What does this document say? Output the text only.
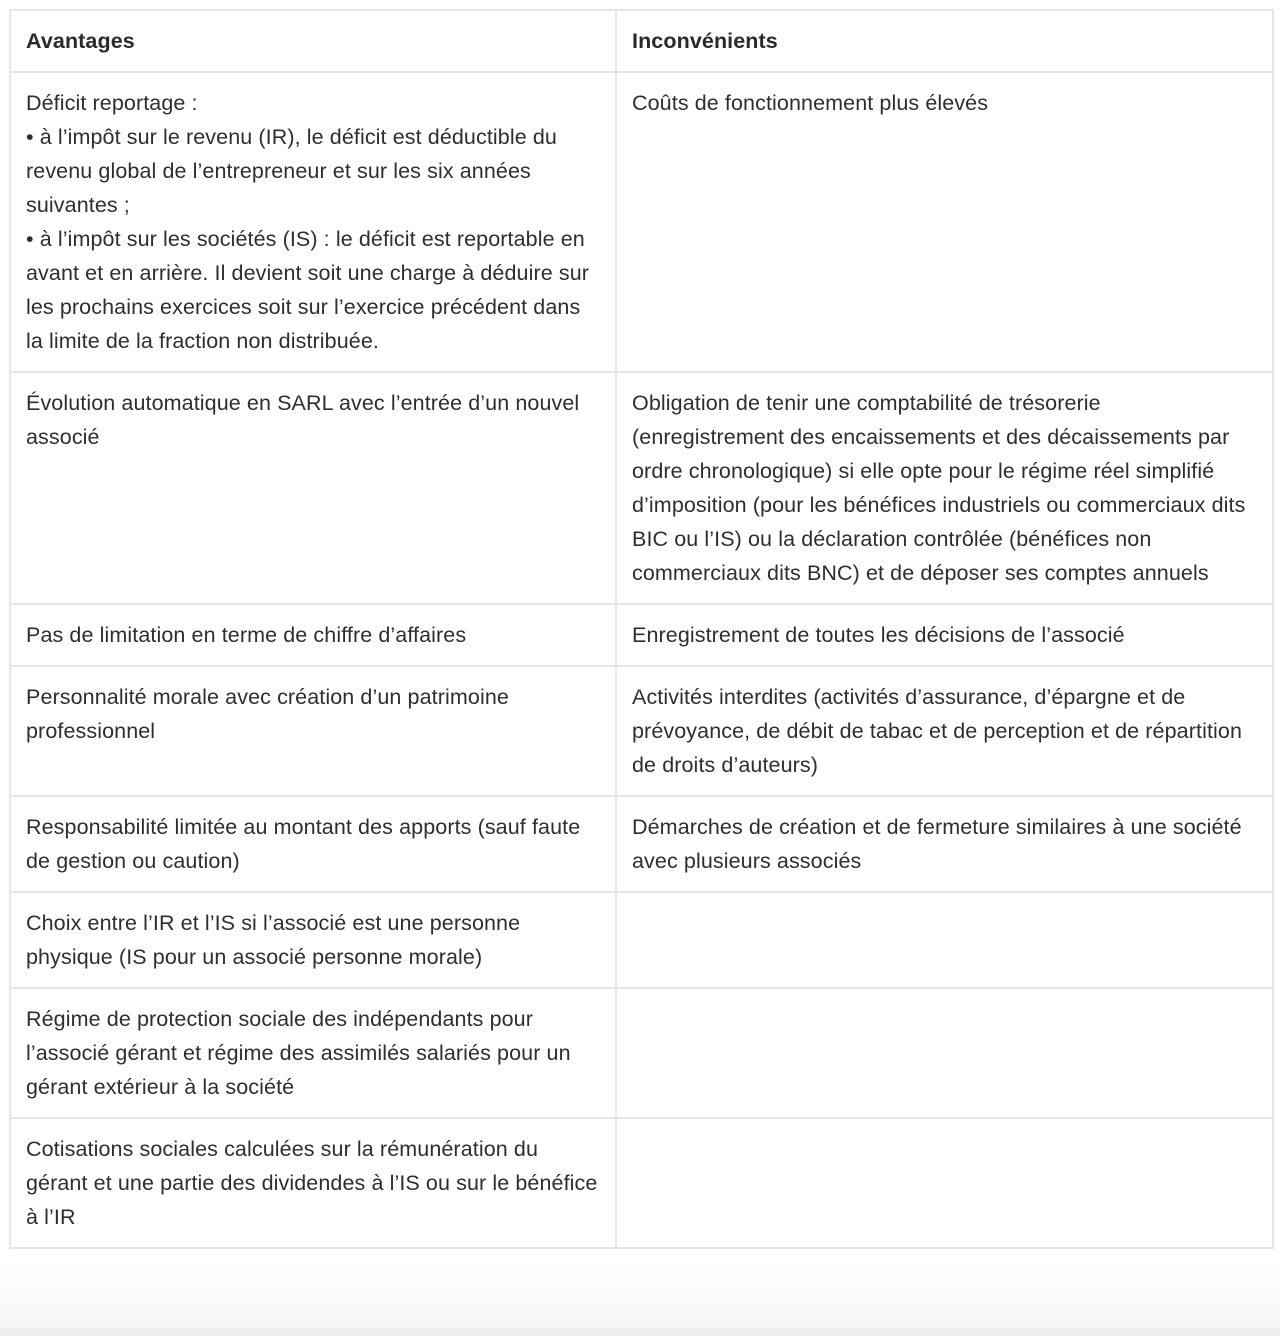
Avantages	Inconvénients

Déficit reportage :
• à l’impôt sur le revenu (IR), le déficit est déductible du revenu global de l’entrepreneur et sur les six années suivantes ;
• à l’impôt sur les sociétés (IS) : le déficit est reportable en avant et en arrière. Il devient soit une charge à déduire sur les prochains exercices soit sur l’exercice précédent dans la limite de la fraction non distribuée.	Coûts de fonctionnement plus élevés
Évolution automatique en SARL avec l’entrée d’un nouvel associé	Obligation de tenir une comptabilité de trésorerie (enregistrement des encaissements et des décaissements par ordre chronologique) si elle opte pour le régime réel simplifié d’imposition (pour les bénéfices industriels ou commerciaux dits BIC ou l’IS) ou la déclaration contrôlée (bénéfices non commerciaux dits BNC) et de déposer ses comptes annuels
Pas de limitation en terme de chiffre d’affaires	Enregistrement de toutes les décisions de l’associé
Personnalité morale avec création d’un patrimoine professionnel	Activités interdites (activités d’assurance, d’épargne et de prévoyance, de débit de tabac et de perception et de répartition de droits d’auteurs)
Responsabilité limitée au montant des apports (sauf faute de gestion ou caution)	Démarches de création et de fermeture similaires à une société avec plusieurs associés
Choix entre l’IR et l’IS si l’associé est une personne physique (IS pour un associé personne morale)	
Régime de protection sociale des indépendants pour l’associé gérant et régime des assimilés salariés pour un gérant extérieur à la société	
Cotisations sociales calculées sur la rémunération du gérant et une partie des dividendes à l’IS ou sur le bénéfice à l’IR	
